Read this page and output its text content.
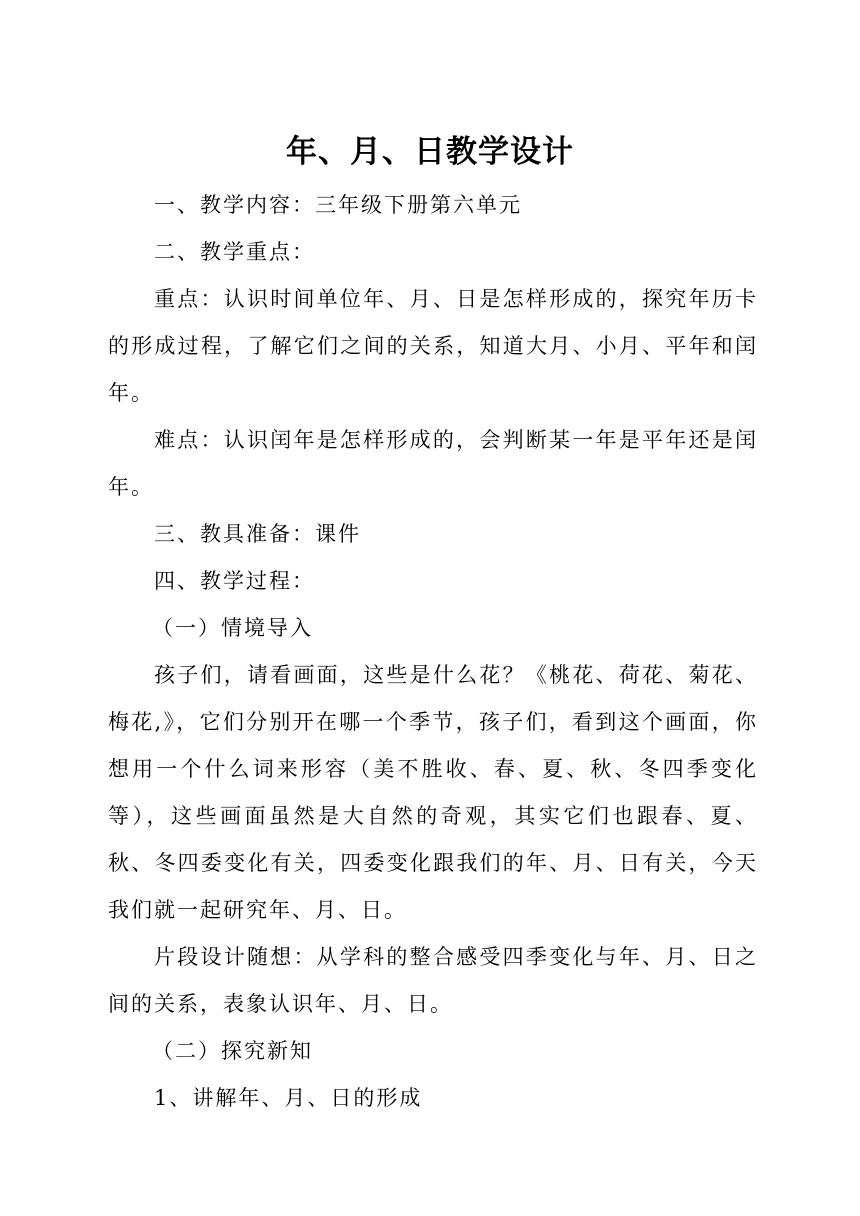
年、月、日教学设计

一、教学内容：三年级下册第六单元

二、教学重点：

重点：认识时间单位年、月、日是怎样形成的，探究年历卡的形成过程，了解它们之间的关系，知道大月、小月、平年和闰年。

难点：认识闰年是怎样形成的，会判断某一年是平年还是闰年。

三、教具准备：课件

四、教学过程：

（一）情境导入

孩子们，请看画面，这些是什么花？《桃花、荷花、菊花、梅花,》，它们分别开在哪一个季节，孩子们，看到这个画面，你想用一个什么词来形容（美不胜收、春、夏、秋、冬四季变化等），这些画面虽然是大自然的奇观，其实它们也跟春、夏、秋、冬四委变化有关，四委变化跟我们的年、月、日有关，今天我们就一起研究年、月、日。

片段设计随想：从学科的整合感受四季变化与年、月、日之间的关系，表象认识年、月、日。

（二）探究新知

1、讲解年、月、日的形成
